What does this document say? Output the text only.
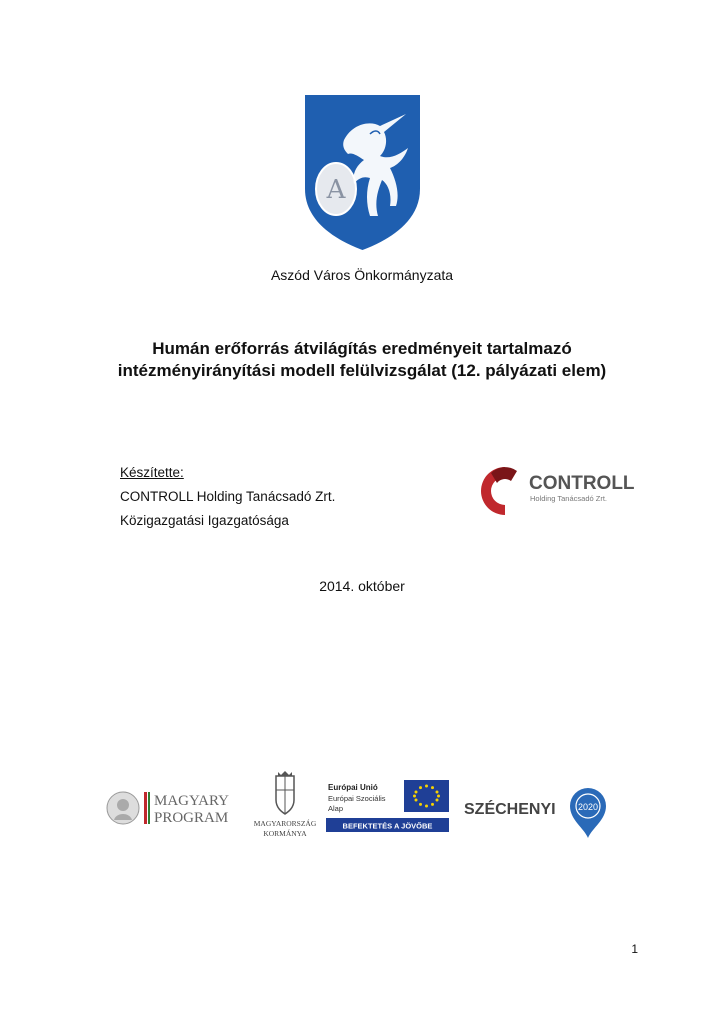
A
Aszód Város Önkormányzata
Humán erőforrás átvilágítás eredményeit tartalmazó
intézményirányítási modell felülvizsgálat (12. pályázati elem)
Készítette:
CONTROLL Holding Tanácsadó Zrt.
Közigazgatási Igazgatósága
CONTROLL
Holding Tanácsadó Zrt.
2014. október
MAGYARY
PROGRAM	MAGYARORSZÁG
KORMÁNYA
Európai Unió
Európai Szociális
Alap
BEFEKTETÉS A JÖVŐBE
SZÉCHENYI 2020
1
